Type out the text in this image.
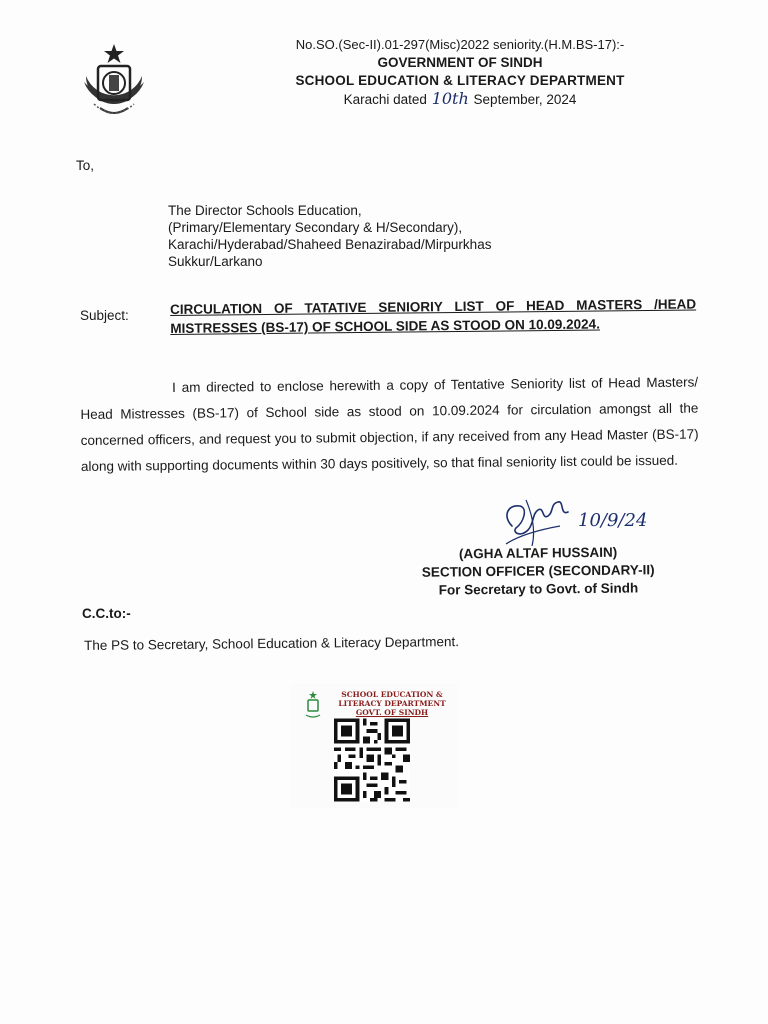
No.SO.(Sec-II).01-297(Misc)2022 seniority.(H.M.BS-17):-
GOVERNMENT OF SINDH
SCHOOL EDUCATION & LITERACY DEPARTMENT
Karachi dated 10th September, 2024
To,
The Director Schools Education,
(Primary/Elementary Secondary & H/Secondary),
Karachi/Hyderabad/Shaheed Benazirabad/Mirpurkhas
Sukkur/Larkano
Subject:	CIRCULATION OF TATATIVE SENIORIY LIST OF HEAD MASTERS /HEAD MISTRESSES (BS-17) OF SCHOOL SIDE AS STOOD ON 10.09.2024.
I am directed to enclose herewith a copy of Tentative Seniority list of Head Masters/ Head Mistresses (BS-17) of School side as stood on 10.09.2024 for circulation amongst all the concerned officers, and request you to submit objection, if any received from any Head Master (BS-17) along with supporting documents within 30 days positively, so that final seniority list could be issued.
10/9/24
(AGHA ALTAF HUSSAIN)
SECTION OFFICER (SECONDARY-II)
For Secretary to Govt. of Sindh
C.C.to:-
The PS to Secretary, School Education & Literacy Department.
SCHOOL EDUCATION &
LITERACY DEPARTMENT
GOVT. OF SINDH
